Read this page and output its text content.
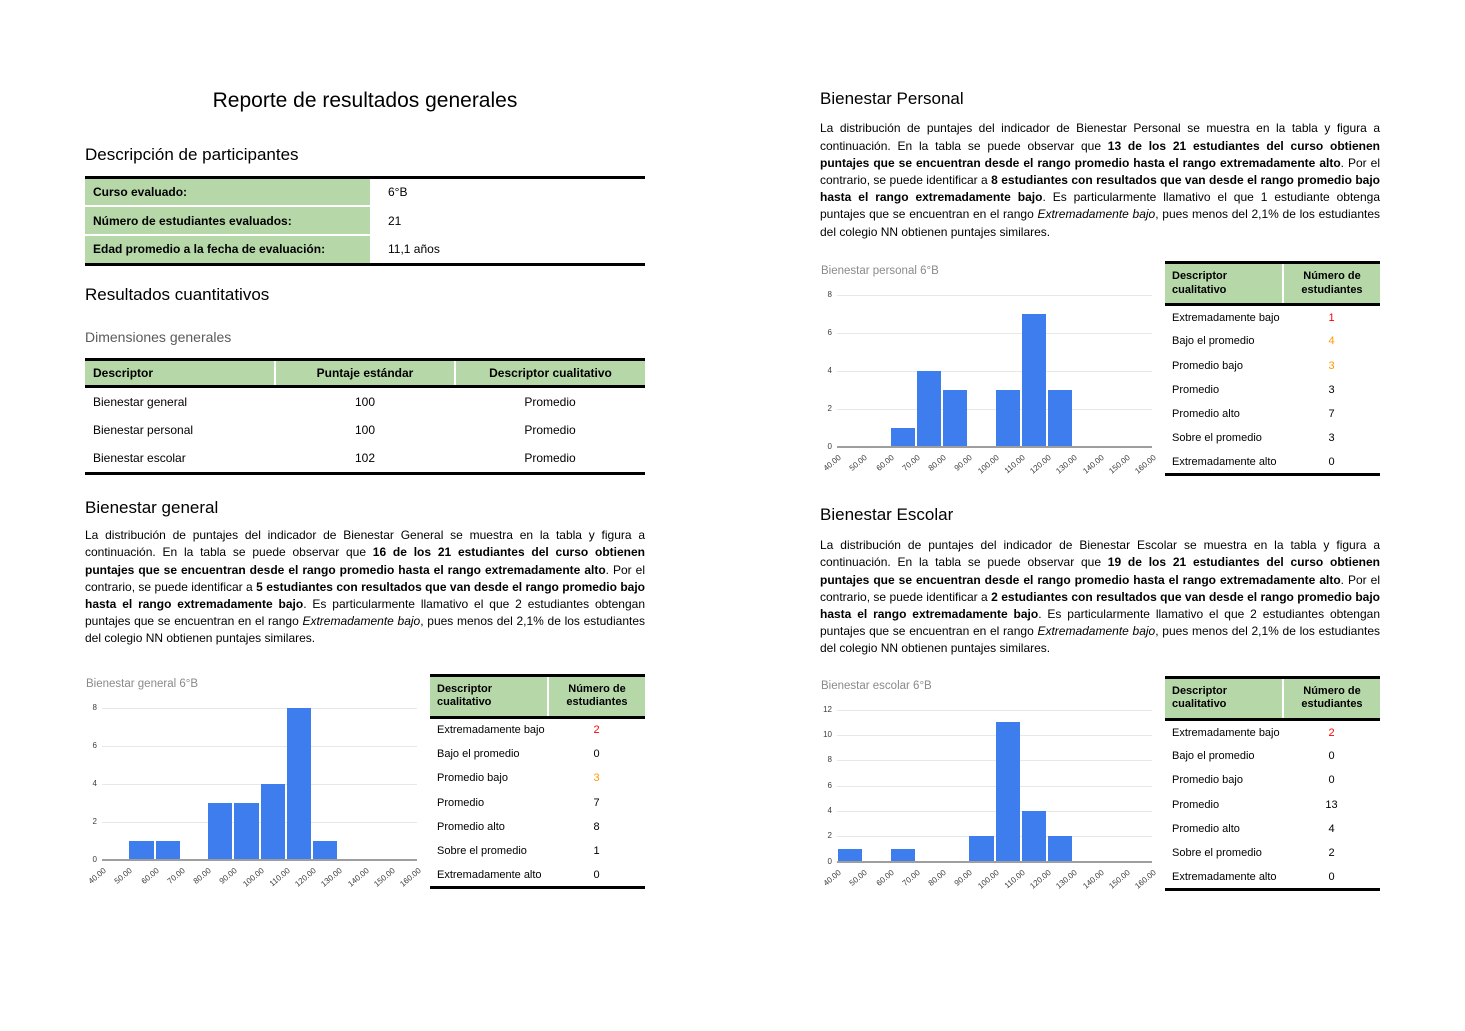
Reporte de resultados generales
Descripción de participantes
Curso evaluado:	6°B
Número de estudiantes evaluados:	21
Edad promedio a la fecha de evaluación:	11,1 años
Resultados cuantitativos
Dimensiones generales
Descriptor	Puntaje estándar	Descriptor cualitativo
Bienestar general	100	Promedio
Bienestar personal	100	Promedio
Bienestar escolar	102	Promedio
Bienestar general

La distribución de puntajes del indicador de Bienestar General se muestra en la tabla y figura a continuación. En la tabla se puede observar que 16 de los 21 estudiantes del curso obtienen puntajes que se encuentran desde el rango promedio hasta el rango extremadamente alto. Por el contrario, se puede identificar a 5 estudiantes con resultados que van desde el rango promedio bajo hasta el rango extremadamente bajo. Es particularmente llamativo el que 2 estudiantes obtengan puntajes que se encuentran en el rango Extremadamente bajo, pues menos del 2,1% de los estudiantes del colegio NN obtienen puntajes similares.

Bienestar general 6°B
0
2
4
6
8
40.00 50.00 60.00 70.00 80.00 90.00 100.00 110.00 120.00 130.00 140.00 150.00 160.00
Descriptor cualitativo	Número de estudiantes
Extremadamente bajo	2
Bajo el promedio	0
Promedio bajo	3
Promedio	7
Promedio alto	8
Sobre el promedio	1
Extremadamente alto	0
Bienestar Personal

La distribución de puntajes del indicador de Bienestar Personal se muestra en la tabla y figura a continuación. En la tabla se puede observar que 13 de los 21 estudiantes del curso obtienen puntajes que se encuentran desde el rango promedio hasta el rango extremadamente alto. Por el contrario, se puede identificar a 8 estudiantes con resultados que van desde el rango promedio bajo hasta el rango extremadamente bajo. Es particularmente llamativo el que 1 estudiante obtenga puntajes que se encuentran en el rango Extremadamente bajo, pues menos del 2,1% de los estudiantes del colegio NN obtienen puntajes similares.

Bienestar personal 6°B
0
2
4
6
8
40.00 50.00 60.00 70.00 80.00 90.00 100.00 110.00 120.00 130.00 140.00 150.00 160.00
Descriptor cualitativo	Número de estudiantes
Extremadamente bajo	1
Bajo el promedio	4
Promedio bajo	3
Promedio	3
Promedio alto	7
Sobre el promedio	3
Extremadamente alto	0
Bienestar Escolar

La distribución de puntajes del indicador de Bienestar Escolar se muestra en la tabla y figura a continuación. En la tabla se puede observar que 19 de los 21 estudiantes del curso obtienen puntajes que se encuentran desde el rango promedio hasta el rango extremadamente alto. Por el contrario, se puede identificar a 2 estudiantes con resultados que van desde el rango promedio bajo hasta el rango extremadamente bajo. Es particularmente llamativo el que 2 estudiantes obtengan puntajes que se encuentran en el rango Extremadamente bajo, pues menos del 2,1% de los estudiantes del colegio NN obtienen puntajes similares.

Bienestar escolar 6°B
0
2
4
6
8
10
12
40.00 50.00 60.00 70.00 80.00 90.00 100.00 110.00 120.00 130.00 140.00 150.00 160.00
Descriptor cualitativo	Número de estudiantes
Extremadamente bajo	2
Bajo el promedio	0
Promedio bajo	0
Promedio	13
Promedio alto	4
Sobre el promedio	2
Extremadamente alto	0
